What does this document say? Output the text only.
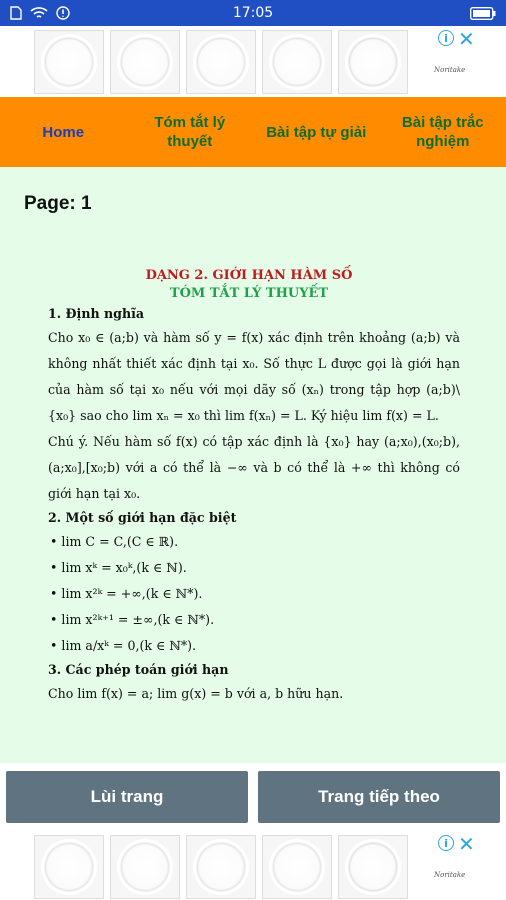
17:05
i ✕
Noritake
Home
Tóm tắt lý thuyết
Bài tập tự giải
Bài tập trắc nghiệm
Page: 1
DẠNG 2. GIỚI HẠN HÀM SỐ
TÓM TẮT LÝ THUYẾT
1. Định nghĩa
Cho x₀ ∈ (a;b) và hàm số y = f(x) xác định trên khoảng (a;b) và không nhất thiết xác định tại x₀. Số thực L được gọi là giới hạn của hàm số tại x₀ nếu với mọi dãy số (xₙ) trong tập hợp (a;b)\{x₀} sao cho lim xₙ = x₀ thì lim f(xₙ) = L. Ký hiệu lim f(x) = L.
Chú ý. Nếu hàm số f(x) có tập xác định là {x₀} hay (a;x₀),(x₀;b),(a;x₀],[x₀;b) với a có thể là −∞ và b có thể là +∞ thì không có giới hạn tại x₀.
2. Một số giới hạn đặc biệt
• lim C = C,(C ∈ ℝ).
• lim xᵏ = x₀ᵏ,(k ∈ ℕ).
• lim x²ᵏ = +∞,(k ∈ ℕ*).
• lim x²ᵏ⁺¹ = ±∞,(k ∈ ℕ*).
• lim a/xᵏ = 0,(k ∈ ℕ*).
3. Các phép toán giới hạn
Cho lim f(x) = a; lim g(x) = b với a, b hữu hạn.
Lùi trang	Trang tiếp theo
i ✕
Noritake
